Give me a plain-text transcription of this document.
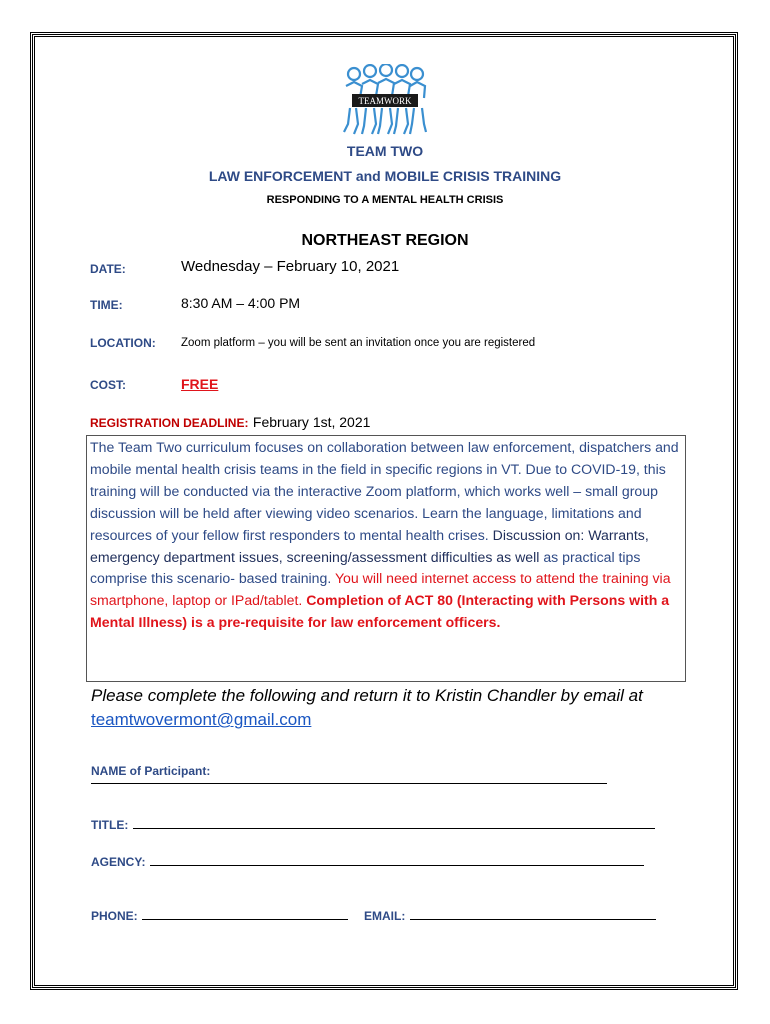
TEAMWORK
TEAM TWO
LAW ENFORCEMENT and MOBILE CRISIS TRAINING
RESPONDING TO A MENTAL HEALTH CRISIS
NORTHEAST REGION
DATE:	Wednesday – February 10, 2021
TIME:	8:30 AM – 4:00 PM
LOCATION: Zoom platform – you will be sent an invitation once you are registered
COST:	FREE
REGISTRATION DEADLINE: February 1st, 2021

The Team Two curriculum focuses on collaboration between law enforcement, dispatchers and mobile mental health crisis teams in the field in specific regions in VT. Due to COVID-19, this training will be conducted via the interactive Zoom platform, which works well – small group discussion will be held after viewing video scenarios. Learn the language, limitations and resources of your fellow first responders to mental health crises. Discussion on: Warrants, emergency department issues, screening/assessment difficulties as well as practical tips comprise this scenario- based training. You will need internet access to attend the training via smartphone, laptop or IPad/tablet. Completion of ACT 80 (Interacting with Persons with a Mental Illness) is a pre-requisite for law enforcement officers.

Please complete the following and return it to Kristin Chandler by email at teamtwovermont@gmail.com
NAME of Participant:
TITLE:
AGENCY:
PHONE:	EMAIL:
